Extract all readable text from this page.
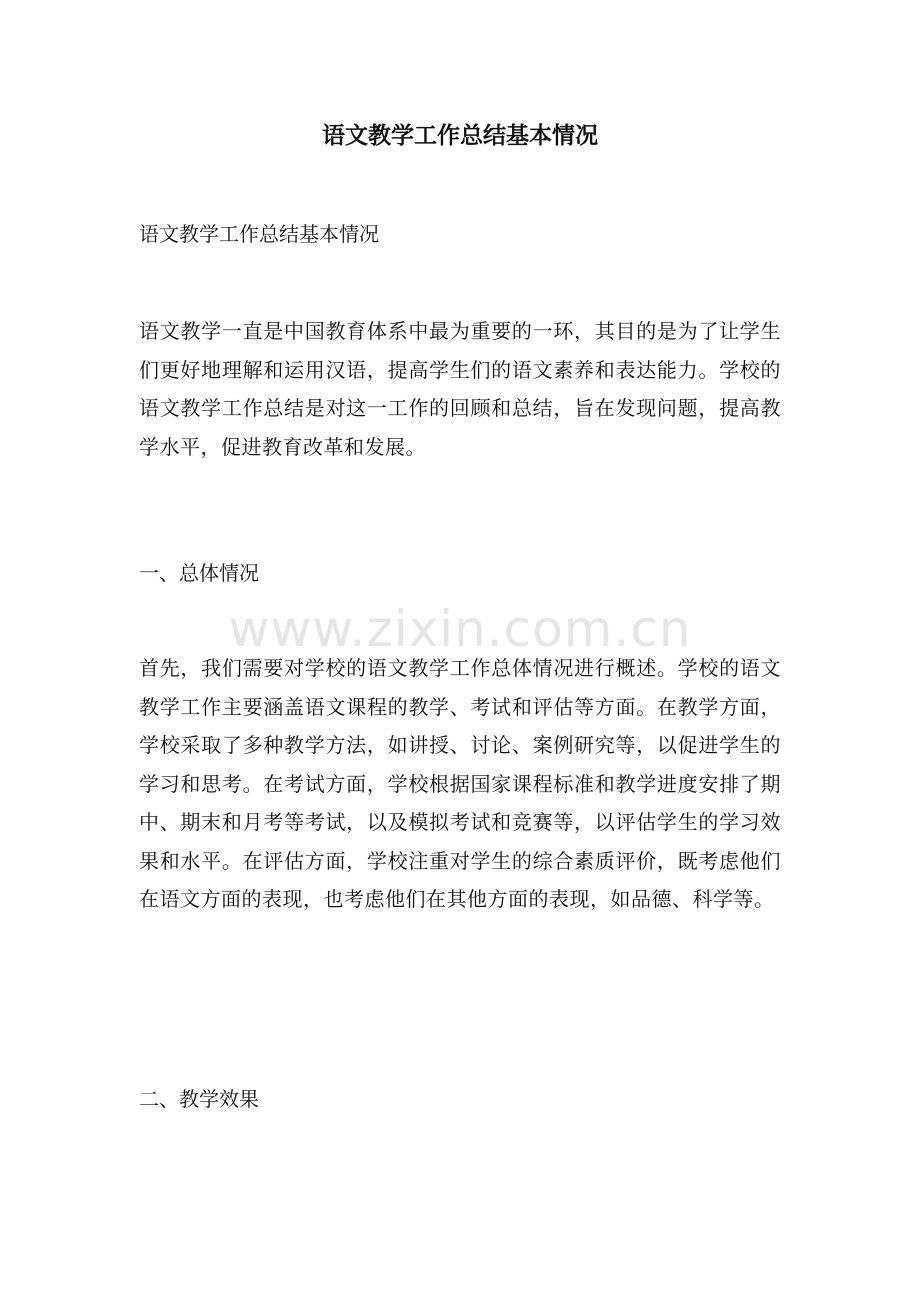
语文教学工作总结基本情况

语文教学工作总结基本情况

语文教学一直是中国教育体系中最为重要的一环，其目的是为了让学生们更好地理解和运用汉语，提高学生们的语文素养和表达能力。学校的语文教学工作总结是对这一工作的回顾和总结，旨在发现问题，提高教学水平，促进教育改革和发展。

一、总体情况

www.zixin.com.cn

首先，我们需要对学校的语文教学工作总体情况进行概述。学校的语文教学工作主要涵盖语文课程的教学、考试和评估等方面。在教学方面，学校采取了多种教学方法，如讲授、讨论、案例研究等，以促进学生的学习和思考。在考试方面，学校根据国家课程标准和教学进度安排了期中、期末和月考等考试，以及模拟考试和竞赛等，以评估学生的学习效果和水平。在评估方面，学校注重对学生的综合素质评价，既考虑他们在语文方面的表现，也考虑他们在其他方面的表现，如品德、科学等。

二、教学效果
